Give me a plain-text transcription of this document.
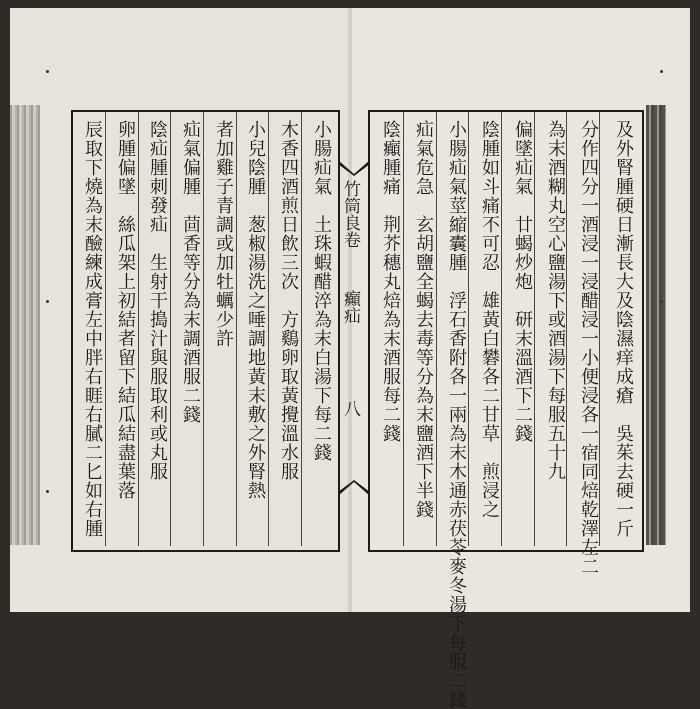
辰取下燒為末醶練成膏左中胖右睚右膩二匕如右腫 卵腫偏墜　絲瓜架上初結者留下結瓜結盡葉落 陰疝腫刺發疝　生射干搗汁與服取利或丸服 疝氣偏腫　茴香等分為末調酒服二錢 者加雞子青調或加牡蠣少許 小兒陰腫　葱椒湯洗之唾調地黃末敷之外腎熱 木香四酒煎日飲三次　方鷄卵取黃攪溫水服 小腸疝氣　土珠蝦醋淬為末白湯下每二錢	及外腎腫硬日漸長大及陰濕痒成瘡　吳茱去硬一斤
分作四分一酒浸一浸醋浸一小便浸各一宿同焙乾澤左二
為末酒糊丸空心鹽湯下或酒湯下每服五十九
偏墜疝氣　廿蝎炒炮　研末溫酒下二錢
陰腫如斗痛不可忍　雄黃白礬各二甘草　煎浸之
小腸疝氣莖縮囊腫　浮石香附各一兩為末木通赤茯苓麥冬湯下每服二錢
疝氣危急　玄胡鹽全蝎去毒等分為末鹽酒下半錢
陰癲腫痛　荆芥穗丸焙為末酒服每二錢
竹筒良卷
癲疝
八
